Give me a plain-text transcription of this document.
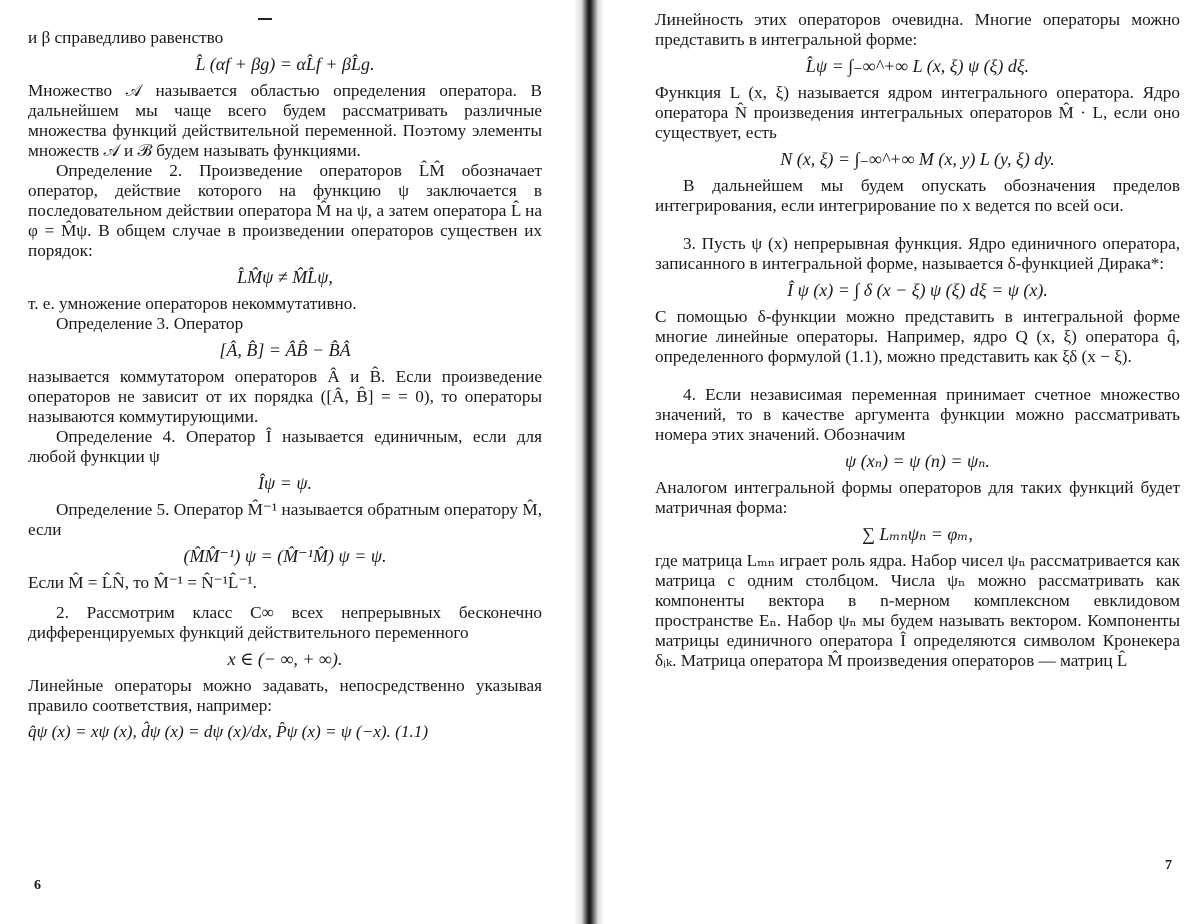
и β справедливо равенство

L̂ (αf + βg) = αL̂f + βL̂g.

Множество 𝒜 называется областью определения оператора. В дальнейшем мы чаще всего будем рассматривать различные множества функций действительной переменной. Поэтому элементы множеств 𝒜 и ℬ будем называть функциями.

Определение 2. Произведение операторов L̂M̂ обозначает оператор, действие которого на функцию ψ заключается в последовательном действии оператора M̂ на ψ, а затем оператора L̂ на φ = M̂ψ. В общем случае в произведении операторов существен их порядок:

L̂M̂ψ ≠ M̂L̂ψ,

т. е. умножение операторов некоммутативно.

Определение 3. Оператор

[Â, B̂] = ÂB̂ − B̂Â

называется коммутатором операторов Â и B̂. Если произведение операторов не зависит от их порядка ([Â, B̂] = = 0), то операторы называются коммутирующими.

Определение 4. Оператор Î называется единичным, если для любой функции ψ

Îψ = ψ.

Определение 5. Оператор M̂⁻¹ называется обратным оператору M̂, если

(M̂M̂⁻¹) ψ = (M̂⁻¹M̂) ψ = ψ.

Если M̂ = L̂N̂, то M̂⁻¹ = N̂⁻¹L̂⁻¹.

2. Рассмотрим класс C∞ всех непрерывных бесконечно дифференцируемых функций действительного переменного

x ∈ (− ∞, + ∞).

Линейные операторы можно задавать, непосредственно указывая правило соответствия, например:

q̂ψ (x) = xψ (x), d̂ψ (x) = dψ (x)/dx, P̂ψ (x) = ψ (−x). (1.1)
6

Линейность этих операторов очевидна. Многие операторы можно представить в интегральной форме:

L̂ψ = ∫₋∞^+∞ L (x, ξ) ψ (ξ) dξ.

Функция L (x, ξ) называется ядром интегрального оператора. Ядро оператора N̂ произведения интегральных операторов M̂ · L, если оно существует, есть

N (x, ξ) = ∫₋∞^+∞ M (x, y) L (y, ξ) dy.

В дальнейшем мы будем опускать обозначения пределов интегрирования, если интегрирование по x ведется по всей оси.

3. Пусть ψ (x) непрерывная функция. Ядро единичного оператора, записанного в интегральной форме, называется δ-функцией Дирака*:

Î ψ (x) = ∫ δ (x − ξ) ψ (ξ) dξ = ψ (x).

С помощью δ-функции можно представить в интегральной форме многие линейные операторы. Например, ядро Q (x, ξ) оператора q̂, определенного формулой (1.1), можно представить как ξδ (x − ξ).

4. Если независимая переменная принимает счетное множество значений, то в качестве аргумента функции можно рассматривать номера этих значений. Обозначим

ψ (xₙ) = ψ (n) = ψₙ.

Аналогом интегральной формы операторов для таких функций будет матричная форма:

∑ Lₘₙψₙ = φₘ,

где матрица Lₘₙ играет роль ядра. Набор чисел ψₙ рассматривается как матрица с одним столбцом. Числа ψₙ можно рассматривать как компоненты вектора в n-мерном комплексном евклидовом пространстве Eₙ. Набор ψₙ мы будем называть вектором. Компоненты матрицы единичного оператора Î определяются символом Кронекера δᵢₖ. Матрица оператора M̂ произведения операторов — матриц L̂

7
